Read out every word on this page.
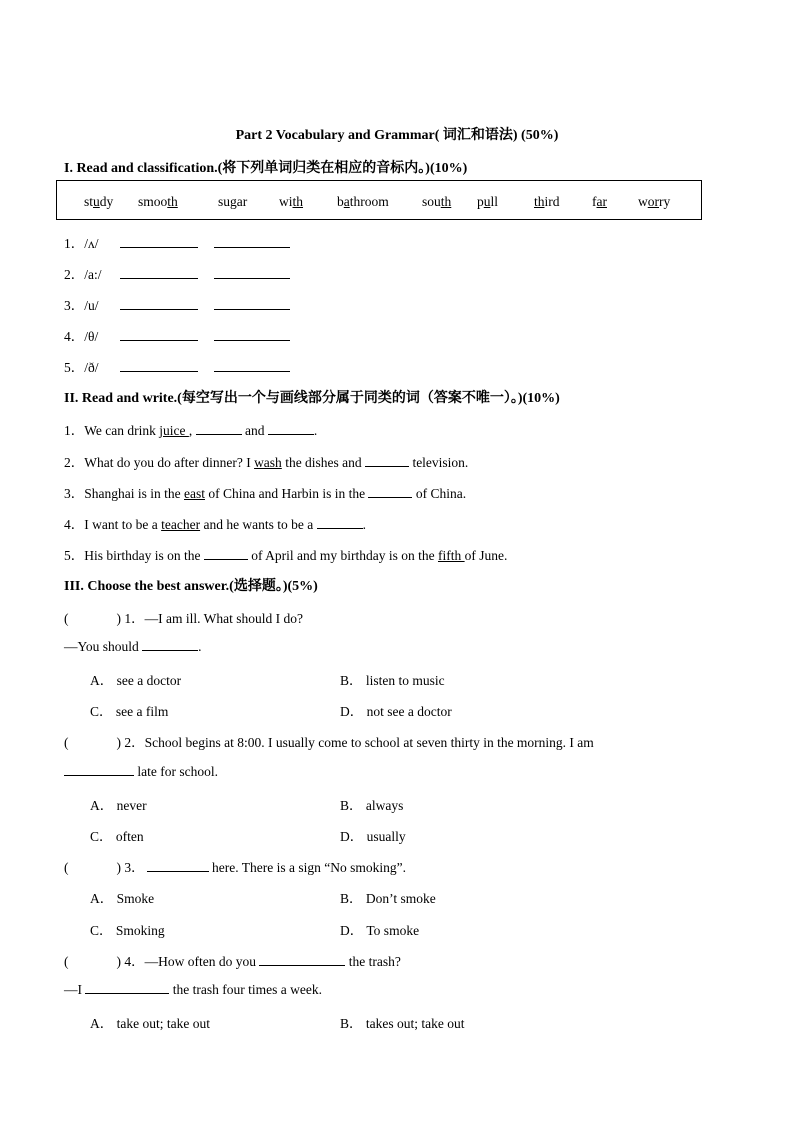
Part 2 Vocabulary and Grammar( 词汇和语法) (50%)
I. Read and classification.(将下列单词归类在相应的音标内。)(10%)
study smooth	sugar with	bathroom south pull	third far worry
1．/ʌ/
2．/a:/
3．/u/
4．/θ/
5．/ð/
II. Read and write.(每空写出一个与画线部分属于同类的词（答案不唯一）。)(10%)
1．We can drink juice ,	and	.
2．What do you do after dinner? I wash the dishes and	television.
3．Shanghai is in the east of China and Harbin is in the	of China.
4．I want to be a teacher and he wants to be a	.
5．His birthday is on the	of April and my birthday is on the fifth of June.
III. Choose the best answer.(选择题。)(5%)
(	) 1．—I am ill. What should I do?
—You should	.
A． see a doctor	B． listen to music
C． see a film	D． not see a doctor
(	) 2．School begins at 8:00. I usually come to school at seven thirty in the morning. I am
late for school.
A． never	B． always
C． often	D． usually
(	) 3．	here. There is a sign “No smoking”.
A． Smoke	B． Don’t smoke
C． Smoking	D． To smoke
(	) 4．—How often do you	the trash?
—I	the trash four times a week.
A． take out; take out	B． takes out; take out
